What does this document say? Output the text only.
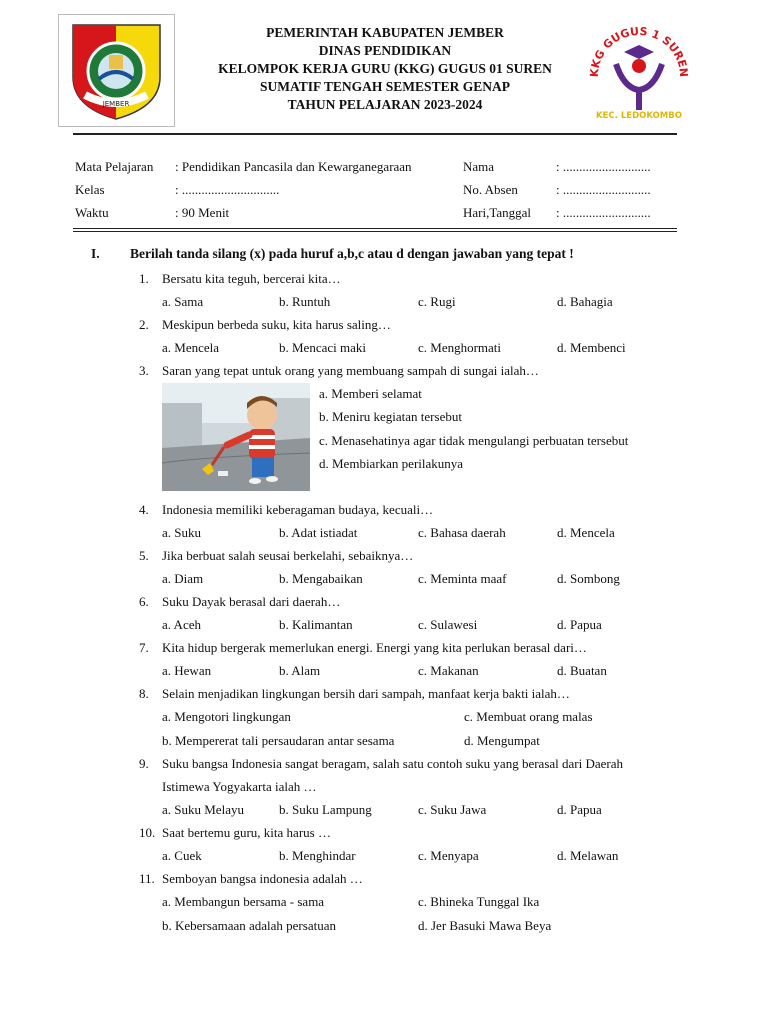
JEMBER
KKG GUGUS 1 SUREN
KEC. LEDOKOMBO
PEMERINTAH KABUPATEN JEMBER
DINAS PENDIDIKAN
KELOMPOK KERJA GURU (KKG) GUGUS 01 SUREN
SUMATIF TENGAH SEMESTER GENAP
TAHUN PELAJARAN 2023-2024
Mata Pelajaran : Pendidikan Pancasila dan Kewarganegaraan
Kelas	: ..............................
Waktu	: 90 Menit
Nama	: ...........................
No. Absen	: ...........................
Hari,Tanggal : ...........................
I. Berilah tanda silang (x) pada huruf a,b,c atau d dengan jawaban yang tepat !
1. Bersatu kita teguh, bercerai kita…
a. Sama	b. Runtuh	c. Rugi	d. Bahagia
2. Meskipun berbeda suku, kita harus saling…
a. Mencela	b. Mencaci maki	c. Menghormati	d. Membenci
3. Saran yang tepat untuk orang yang membuang sampah di sungai ialah…
a. Memberi selamat
b. Meniru kegiatan tersebut
c. Menasehatinya agar tidak mengulangi perbuatan tersebut
d. Membiarkan perilakunya
4. Indonesia memiliki keberagaman budaya, kecuali…
a. Suku	b. Adat istiadat	c. Bahasa daerah	d. Mencela
5. Jika berbuat salah seusai berkelahi, sebaiknya…
a. Diam	b. Mengabaikan	c. Meminta maaf	d. Sombong
6. Suku Dayak berasal dari daerah…
a. Aceh	b. Kalimantan	c. Sulawesi	d. Papua
7. Kita hidup bergerak memerlukan energi. Energi yang kita perlukan berasal dari…
a. Hewan	b. Alam	c. Makanan	d. Buatan
8. Selain menjadikan lingkungan bersih dari sampah, manfaat kerja bakti ialah…
a. Mengotori lingkungan	c. Membuat orang malas
b. Mempererat tali persaudaran antar sesama	d. Mengumpat
9. Suku bangsa Indonesia sangat beragam, salah satu contoh suku yang berasal dari Daerah
Istimewa Yogyakarta ialah …
a. Suku Melayu	b. Suku Lampung	c. Suku Jawa	d. Papua
10. Saat bertemu guru, kita harus …
a. Cuek	b. Menghindar	c. Menyapa	d. Melawan
11. Semboyan bangsa indonesia adalah …
a. Membangun bersama - sama	c. Bhineka Tunggal Ika
b. Kebersamaan adalah persatuan	d. Jer Basuki Mawa Beya
